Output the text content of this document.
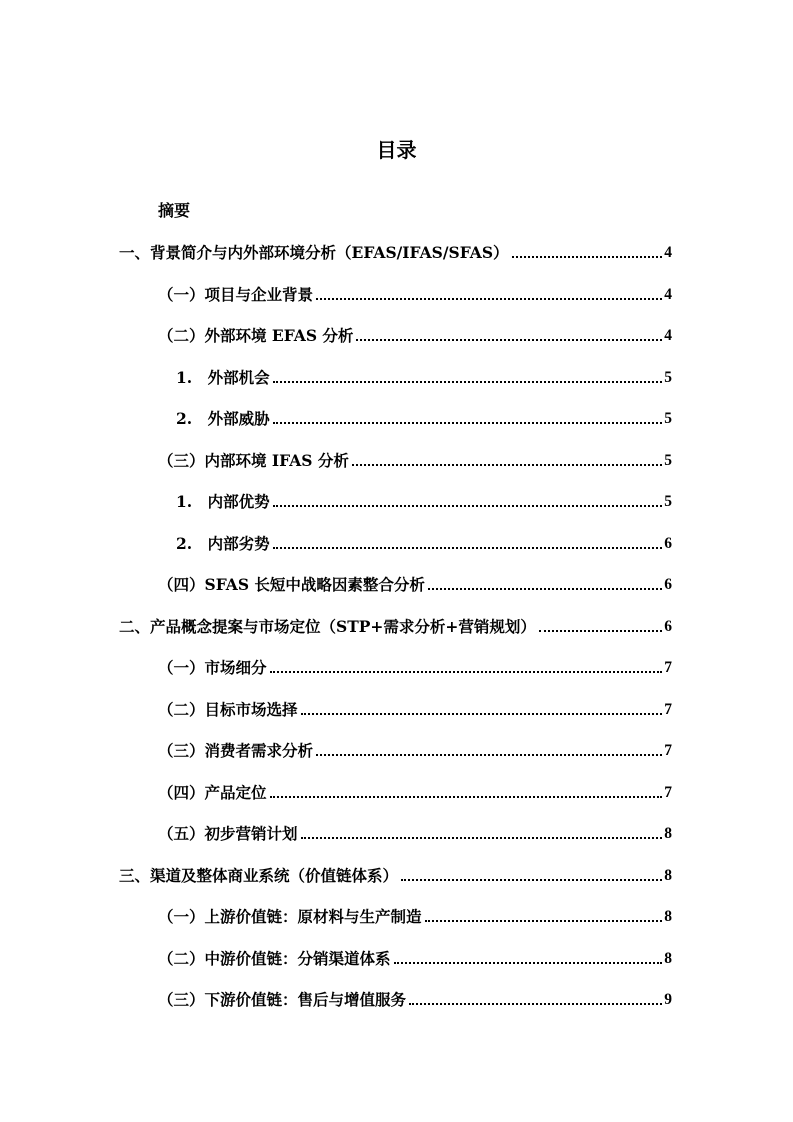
目录
摘要
一、背景简介与内外部环境分析（EFAS/IFAS/SFAS）	4
（一）项目与企业背景	4
（二）外部环境 EFAS 分析	4
1.　外部机会	5
2.　外部威胁	5
（三）内部环境 IFAS 分析	5
1.　内部优势	5
2.　内部劣势	6
（四）SFAS 长短中战略因素整合分析	6
二、产品概念提案与市场定位（STP+需求分析+营销规划）	6
（一）市场细分	7
（二）目标市场选择	7
（三）消费者需求分析	7
（四）产品定位	7
（五）初步营销计划	8
三、渠道及整体商业系统（价值链体系）	8
（一）上游价值链：原材料与生产制造	8
（二）中游价值链：分销渠道体系	8
（三）下游价值链：售后与增值服务	9
